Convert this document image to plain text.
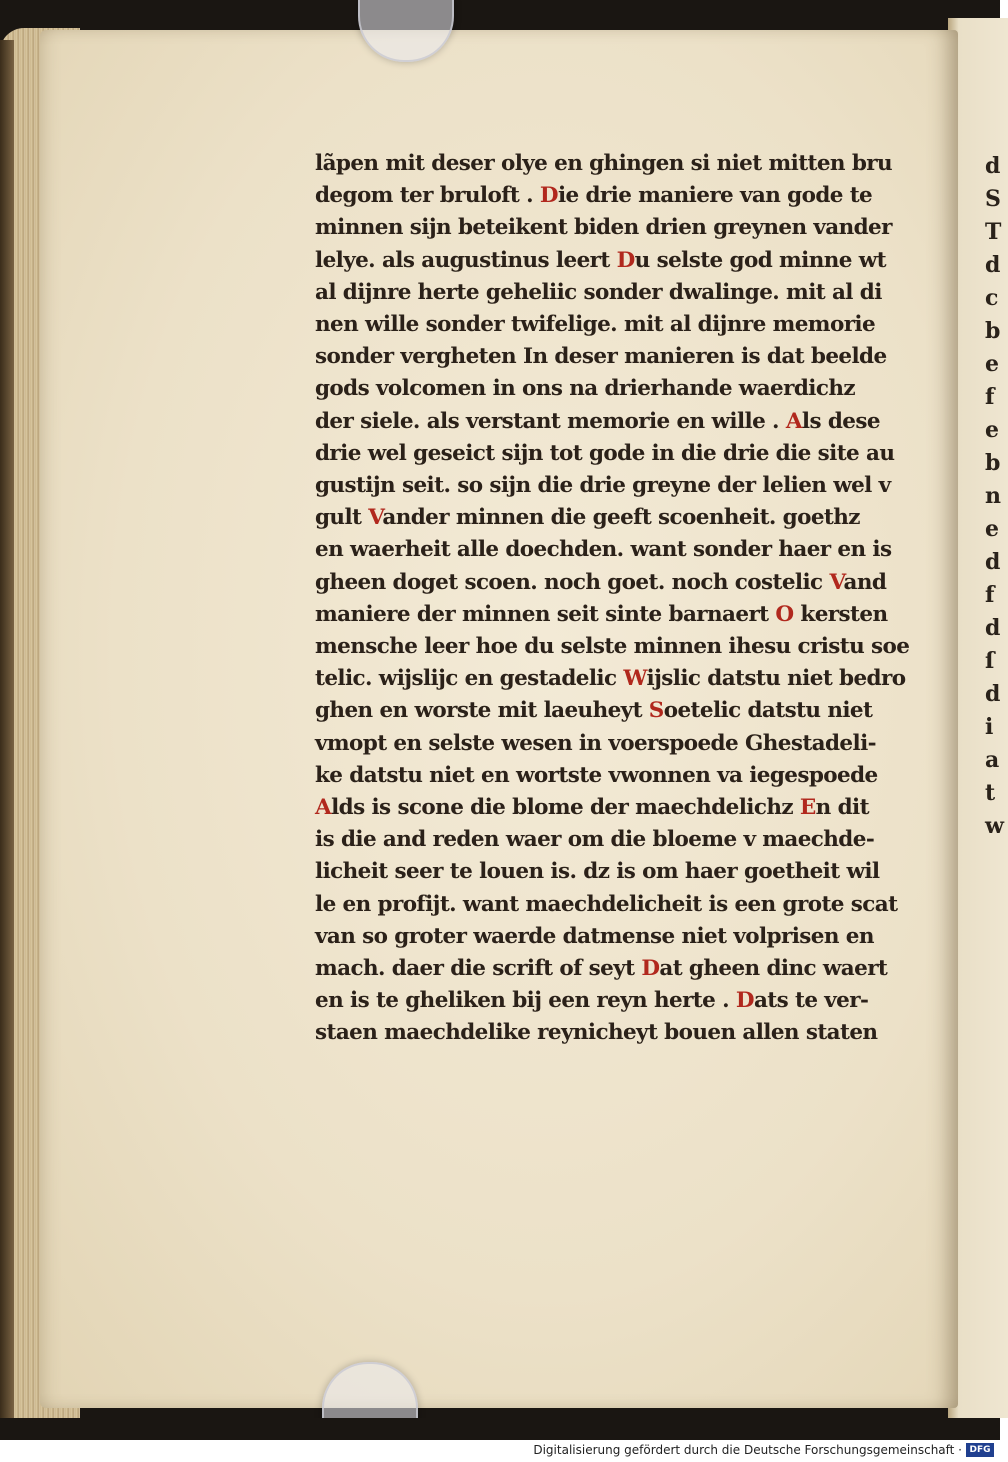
d
S
T
d
c
b
e
f
e
b
n
e
d
f
d
ſ
d
i
a
t
w
lãpen mit deser olye en ghingen si niet mitten bru
degom ter bruloft . Die drie maniere van gode te
minnen sijn beteikent biden drien greynen vander
lelye. als augustinus leert Du selste god minne wt
al dijnre herte geheliic sonder dwalinge. mit al di
nen wille sonder twifelige. mit al dijnre memorie
sonder vergheten In deser manieren is dat beelde
gods volcomen in ons na drierhande waerdichz
der siele. als verstant memorie en wille . Als dese
drie wel geseict sijn tot gode in die drie die site au
gustijn seit. so sijn die drie greyne der lelien wel v
gult Vander minnen die geeft scoenheit. goethz
en waerheit alle doechden. want sonder haer en is
gheen doget scoen. noch goet. noch costelic Vand
maniere der minnen seit sinte barnaert O kersten
mensche leer hoe du selste minnen ihesu cristu soe
telic. wijslijc en gestadelic Wijslic datstu niet bedro
ghen en worste mit laeuheyt Soetelic datstu niet
vmopt en selste wesen in voerspoede Ghestadeli-
ke datstu niet en wortste vwonnen va iegespoede
Alds is scone die blome der maechdelichz En dit
is die and reden waer om die bloeme v maechde-
licheit seer te louen is. dz is om haer goetheit wil
le en profijt. want maechdelicheit is een grote scat
van so groter waerde datmense niet volprisen en
mach. daer die scrift of seyt Dat gheen dinc waert
en is te gheliken bij een reyn herte . Dats te ver-
staen maechdelike reynicheyt bouen allen staten
Digitalisierung gefördert durch die Deutsche Forschungsgemeinschaft · DFG
